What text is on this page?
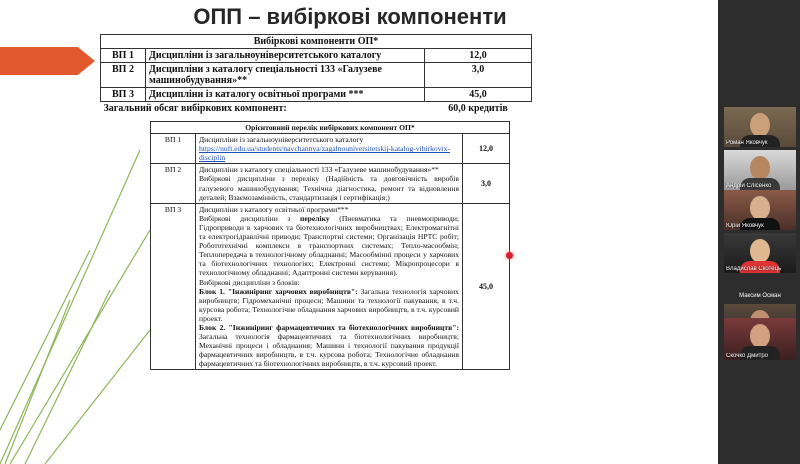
ОПП – вибіркові компоненти
Вибіркові компоненти ОП*		
ВП 1	Дисципліни із загальноуніверситетського каталогу	12,0
ВП 2	Дисципліни з каталогу спеціальності 133 «Галузеве машинобудування»**	3,0
ВП 3	Дисципліни із каталогу освітньої програми ***	45,0
Загальний обсяг вибіркових компонент:		60,0 кредитів
Орієнтовний перелік вибіркових компонент ОП*		
ВП 1	Дисципліни із загальноуніверситетського каталогу
https://nuft.edu.ua/students/navchannya/zagalnouniversitetskij-katalog-vibirkovix-disciplin	12,0
ВП 2	Дисципліни з каталогу спеціальності 133 «Галузеве машинобудування»**
Вибіркові дисципліни з переліку (Надійність та довговічність виробів галузевого машинобудування; Технічна діагностика, ремонт та відновлення деталей; Взаємозамінність, стандартизація і сертифікація;)	3,0
ВП 3	Дисципліни з каталогу освітньої програми***
Вибіркові дисципліни з переліку (Пневматика та пневмоприводи; Гідроприводи в харчових та біотехнологічних виробництвах; Електромагнітні та електрогідравлічні приводи; Транспортні системи; Організація НРТС робіт; Робототехнічні комплекси в транспортних системах; Тепло-масообмін; Теплопередача в технологічному обладнанні; Масообмінні процеси у харчових та біотехнологічних технологіях; Електронні системи; Мікропроцесори в технологічному обладнанні; Адаптронні системи керування).
Вибіркові дисципліни з блоків:
Блок 1. "Інжиніринг харчових виробництв": Загальна технологія харчових виробництв; Гідромеханічні процеси; Машини та технології пакування, в т.ч. курсова робота; Технологічне обладнання харчових виробництв, в т.ч. курсовий проект.
Блок 2. "Інжиніринг фармацевтичних та біотехнологічних виробництв": Загальна технологія фармацевтичних та біотехнологічних виробництв; Механічні процеси і обладнання; Машини і технології пакування продукції фармацевтичних виробництв, в т.ч. курсова робота; Технологічне обладнання фармацевтичних та біотехнологічних виробництв, в т.ч. курсовий проект.	45,0
Роман Яковчук
Андрій Слісенко
Юрій Яковчук
Владислав Скотець
Максим Осман
Скочко Дмитро
